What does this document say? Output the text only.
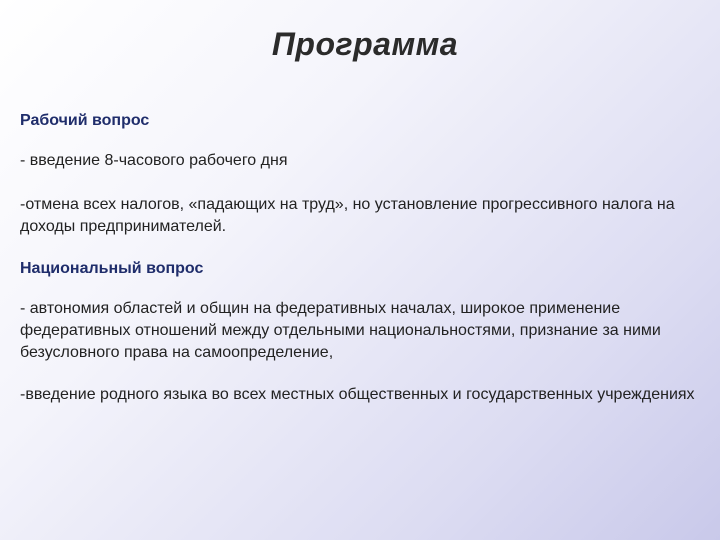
Программа

Рабочий вопрос

- введение 8-часового рабочего дня

-отмена всех налогов, «падающих на труд», но установление прогрессивного налога на доходы предпринимателей.

Национальный вопрос

- автономия областей и общин на федеративных началах, широкое применение федеративных отношений между отдельными национальностями, признание за ними безусловного права на самоопределение,

-введение родного языка во всех местных общественных и государственных учреждениях
